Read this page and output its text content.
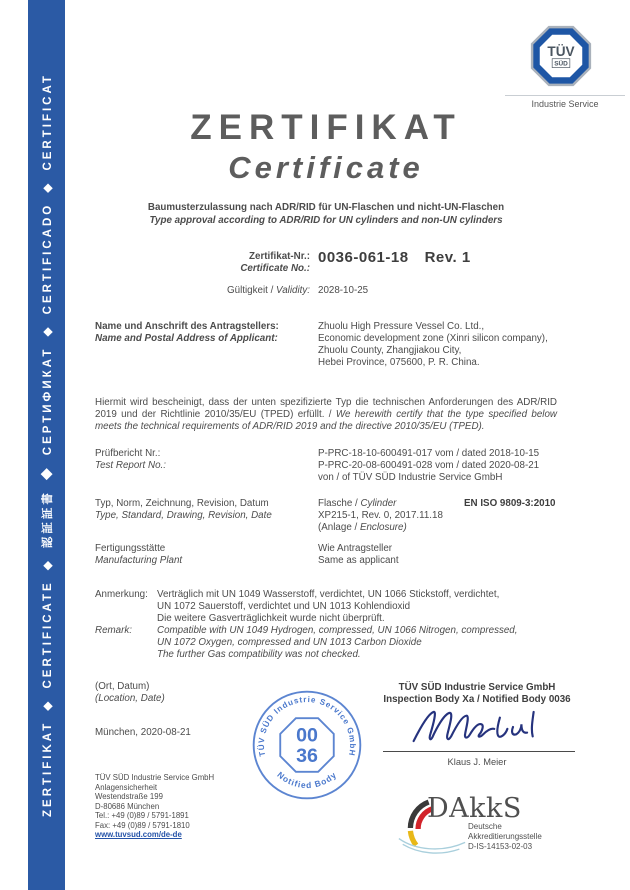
ZERTIFIKAT ◆ CERTIFICATE ◆ 認証証書 ◆ СЕРТИФИКАТ ◆ CERTIFICADO ◆ CERTIFICAT
TÜV
SÜD
Industrie Service
ZERTIFIKAT
Certificate
Baumusterzulassung nach ADR/RID für UN-Flaschen und nicht-UN-Flaschen
Type approval according to ADR/RID for UN cylinders and non-UN cylinders
Zertifikat-Nr.:
Certificate No.:
0036-061-18 Rev. 1
Gültigkeit / Validity: 2028-10-25
Name und Anschrift des Antragstellers:
Name and Postal Address of Applicant:
Zhuolu High Pressure Vessel Co. Ltd.,
Economic development zone (Xinri silicon company),
Zhuolu County, Zhangjiakou City,
Hebei Province, 075600, P. R. China.

Hiermit wird bescheinigt, dass der unten spezifizierte Typ die technischen Anforderungen des ADR/RID 2019 und der Richtlinie 2010/35/EU (TPED) erfüllt. / We herewith certify that the type specified below meets the technical requirements of ADR/RID 2019 and the directive 2010/35/EU (TPED).

Prüfbericht Nr.:
Test Report No.:
P-PRC-18-10-600491-017 vom / dated 2018-10-15
P-PRC-20-08-600491-028 vom / dated 2020-08-21
von / of TÜV SÜD Industrie Service GmbH
Typ, Norm, Zeichnung, Revision, Datum
Type, Standard, Drawing, Revision, Date
Flasche / Cylinder
XP215-1, Rev. 0, 2017.11.18
(Anlage / Enclosure)
EN ISO 9809-3:2010
Fertigungsstätte
Manufacturing Plant
Wie Antragsteller
Same as applicant
Anmerkung: Verträglich mit UN 1049 Wasserstoff, verdichtet, UN 1066 Stickstoff, verdichtet,
UN 1072 Sauerstoff, verdichtet und UN 1013 Kohlendioxid
Die weitere Gasverträglichkeit wurde nicht überprüft.
Remark:	Compatible with UN 1049 Hydrogen, compressed, UN 1066 Nitrogen, compressed,
UN 1072 Oxygen, compressed and UN 1013 Carbon Dioxide
The further Gas compatibility was not checked.
(Ort, Datum)
(Location, Date)
München, 2020-08-21
TÜV SÜD Industrie Service GmbH
Notified Body
00
36
TÜV SÜD Industrie Service GmbH
Inspection Body Xa / Notified Body 0036
Klaus J. Meier
TÜV SÜD Industrie Service GmbH
Anlagensicherheit
Westendstraße 199
D-80686 München
Tel.: +49 (0)89 / 5791-1891
Fax: +49 (0)89 / 5791-1810
www.tuvsud.com/de-de
DAkkS
Deutsche
Akkreditierungsstelle
D-IS-14153-02-03
